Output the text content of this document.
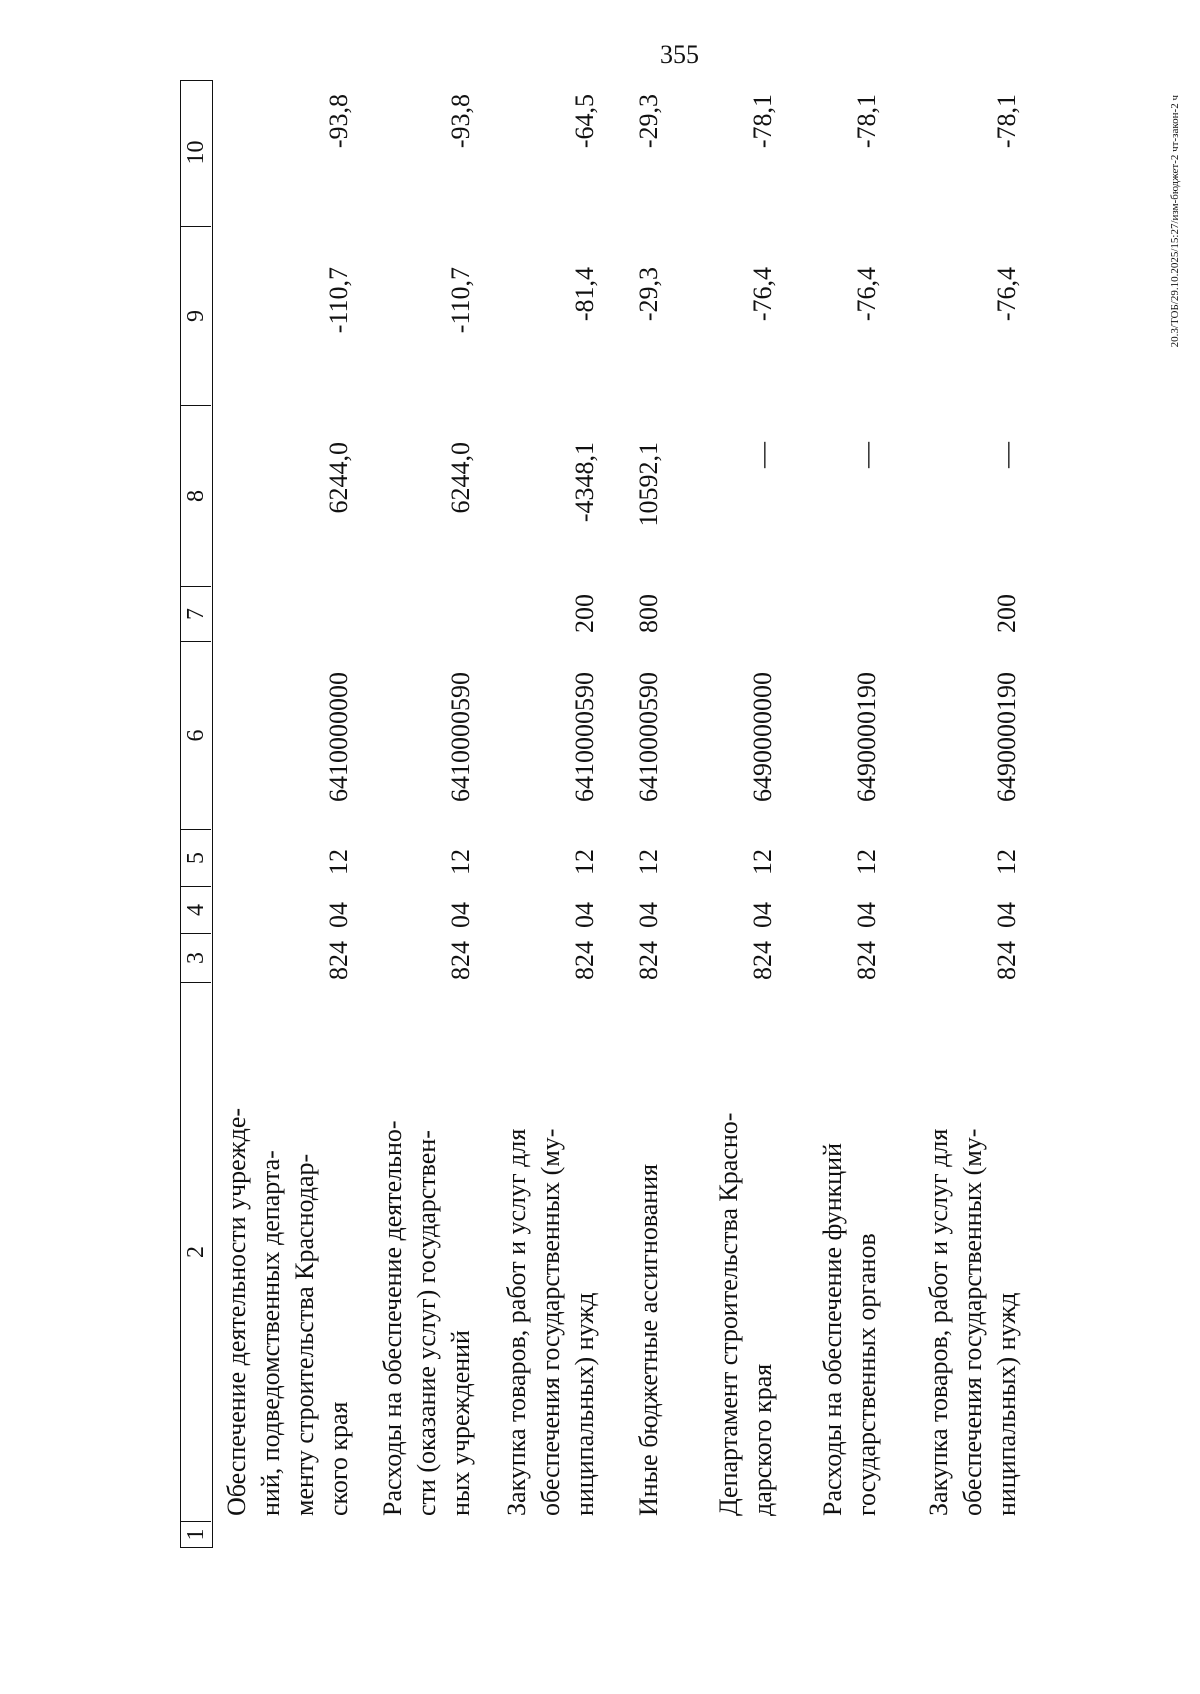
355
20.3/ТОБ/29.10.2025/15:27/изм-бюджет-2 чт-закон-2 ч
1
2
3
4
5
6
7
8
9
10
Обеспечение деятельности учрежде- ний, подведомственных департа- менту строительства Краснодар- ского края
824
04
12
6410000000
6244,0
-110,7
-93,8
Расходы на обеспечение деятельно- сти (оказание услуг) государствен- ных учреждений
824
04
12
6410000590
6244,0
-110,7
-93,8
Закупка товаров, работ и услуг для обеспечения государственных (му- ниципальных) нужд
824
04
12
6410000590
200
-4348,1
-81,4
-64,5
Иные бюджетные ассигнования
824
04
12
6410000590
800
10592,1
-29,3
-29,3
Департамент строительства Красно- дарского края
824
04
12
6490000000
—
-76,4
-78,1
Расходы на обеспечение функций государственных органов
824
04
12
6490000190
—
-76,4
-78,1
Закупка товаров, работ и услуг для обеспечения государственных (му- ниципальных) нужд
824
04
12
6490000190
200
—
-76,4
-78,1
